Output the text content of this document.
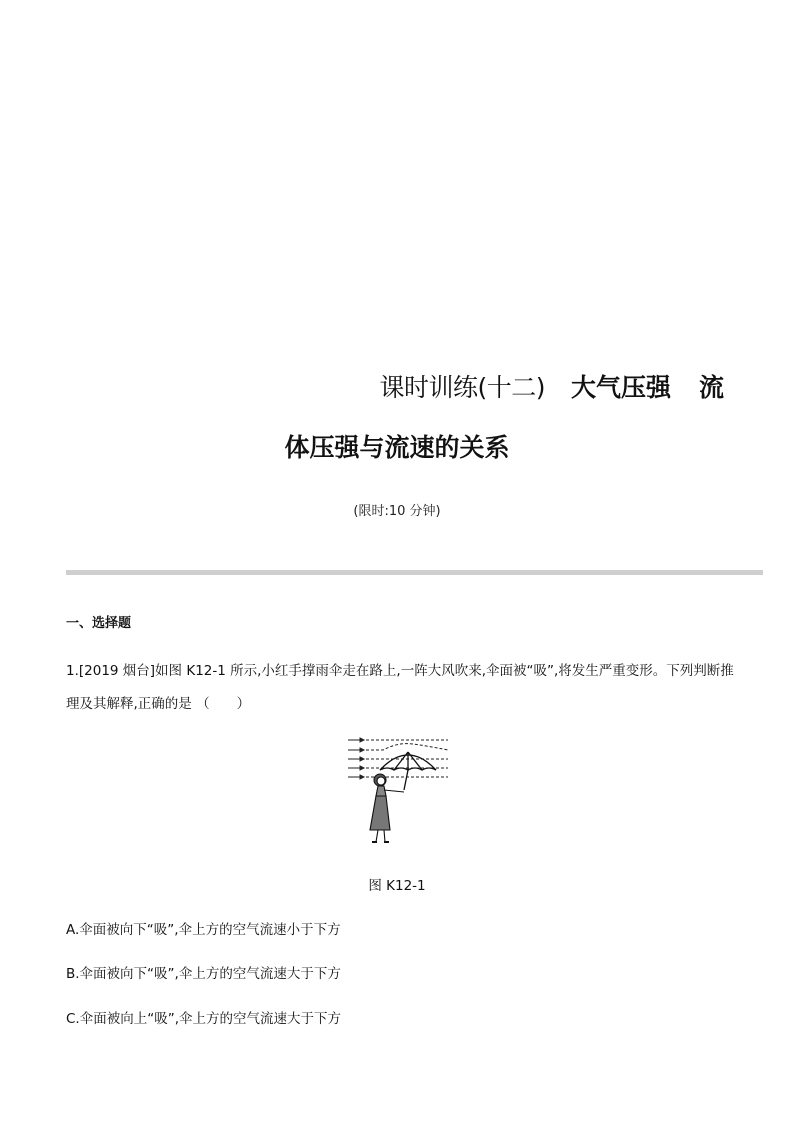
课时训练(十二) 大气压强 流
体压强与流速的关系
(限时:10 分钟)
一、选择题
1.[2019 烟台]如图 K12-1 所示,小红手撑雨伞走在路上,一阵大风吹来,伞面被“吸”,将发生严重变形。下列判断推
理及其解释,正确的是 （　　）
图 K12-1
A.伞面被向下“吸”,伞上方的空气流速小于下方
B.伞面被向下“吸”,伞上方的空气流速大于下方
C.伞面被向上“吸”,伞上方的空气流速大于下方
